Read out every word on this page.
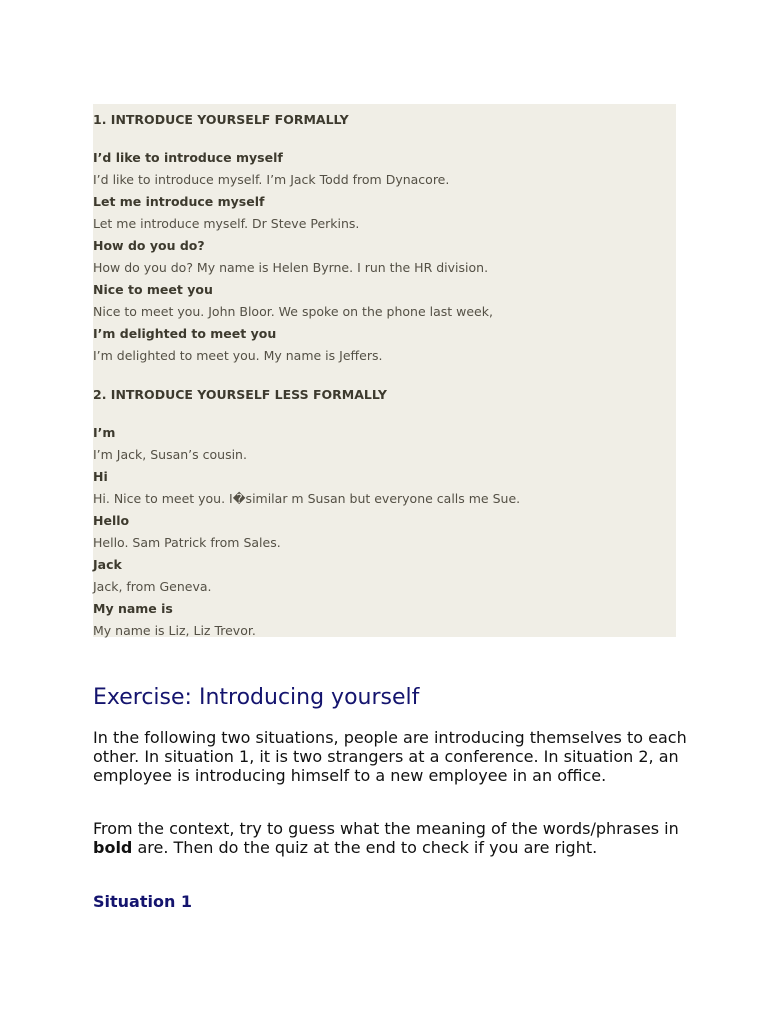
1. INTRODUCE YOURSELF FORMALLY
I’d like to introduce myself
I’d like to introduce myself. I’m Jack Todd from Dynacore.
Let me introduce myself
Let me introduce myself. Dr Steve Perkins.
How do you do?
How do you do? My name is Helen Byrne. I run the HR division.
Nice to meet you
Nice to meet you. John Bloor. We spoke on the phone last week,
I’m delighted to meet you
I’m delighted to meet you. My name is Jeffers.
2. INTRODUCE YOURSELF LESS FORMALLY
I’m
I’m Jack, Susan’s cousin.
Hi
Hi. Nice to meet you. I�similar m Susan but everyone calls me Sue.
Hello
Hello. Sam Patrick from Sales.
Jack
Jack, from Geneva.
My name is
My name is Liz, Liz Trevor.
Exercise: Introducing yourself

In the following two situations, people are introducing themselves to each other. In situation 1, it is two strangers at a conference. In situation 2, an employee is introducing himself to a new employee in an office.

From the context, try to guess what the meaning of the words/phrases in bold are. Then do the quiz at the end to check if you are right.

Situation 1
